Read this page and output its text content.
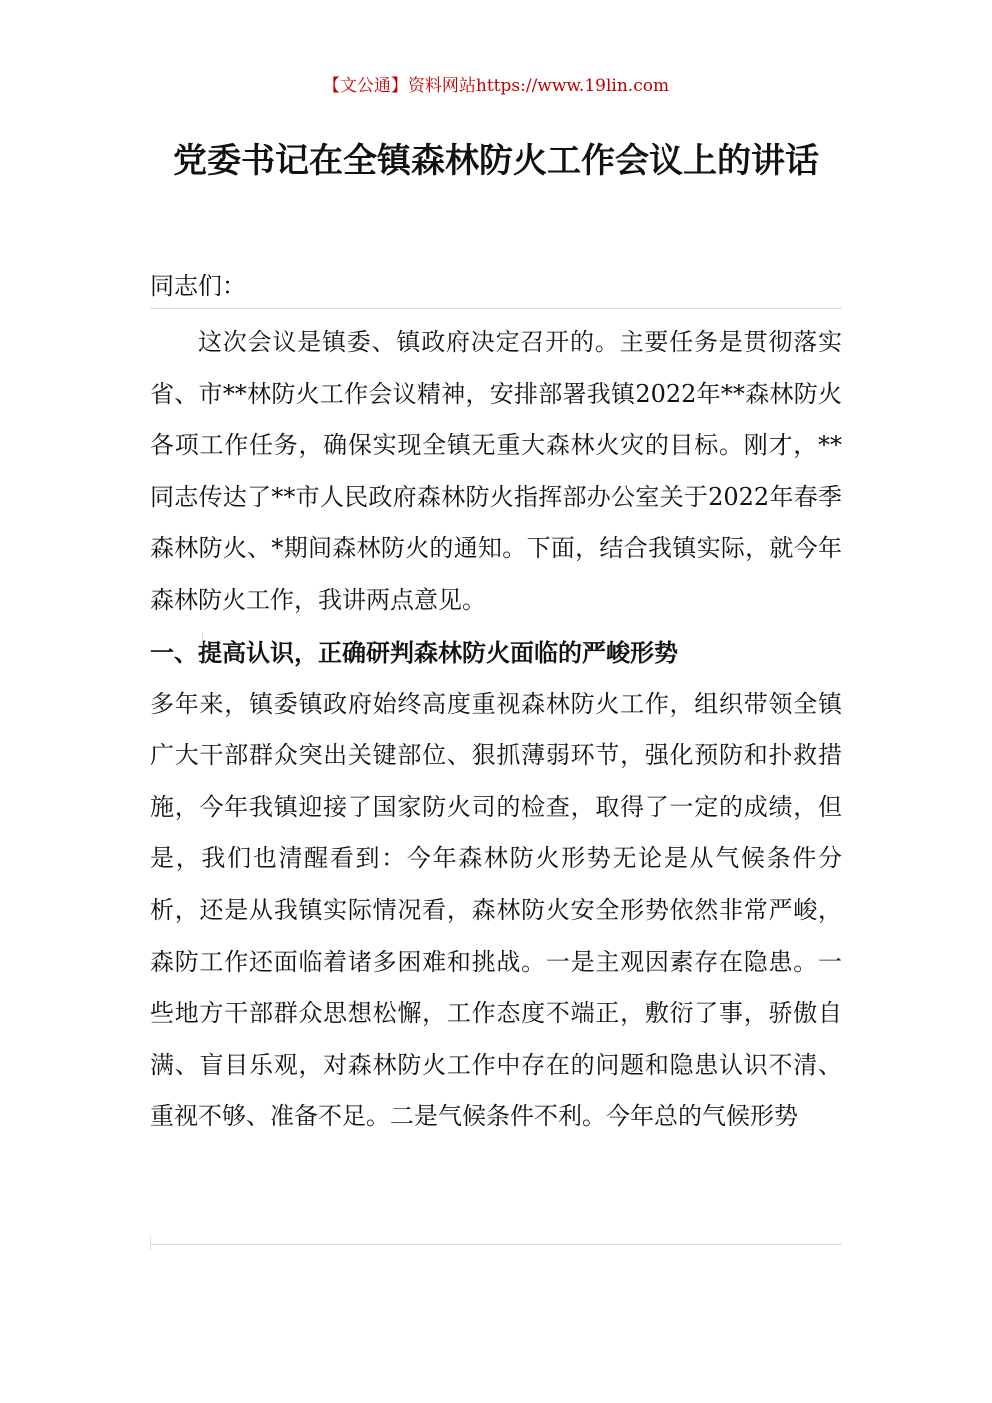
【文公通】资料网站https://www.19lin.com
党委书记在全镇森林防火工作会议上的讲话

同志们：

这次会议是镇委、镇政府决定召开的。主要任务是贯彻落实省、市**林防火工作会议精神，安排部署我镇2022年**森林防火各项工作任务，确保实现全镇无重大森林火灾的目标。刚才，**同志传达了**市人民政府森林防火指挥部办公室关于2022年春季森林防火、*期间森林防火的通知。下面，结合我镇实际，就今年森林防火工作，我讲两点意见。

一、提高认识，正确研判森林防火面临的严峻形势

多年来，镇委镇政府始终高度重视森林防火工作，组织带领全镇广大干部群众突出关键部位、狠抓薄弱环节，强化预防和扑救措施，今年我镇迎接了国家防火司的检查，取得了一定的成绩，但是，我们也清醒看到：今年森林防火形势无论是从气候条件分析，还是从我镇实际情况看，森林防火安全形势依然非常严峻，森防工作还面临着诸多困难和挑战。一是主观因素存在隐患。一些地方干部群众思想松懈，工作态度不端正，敷衍了事，骄傲自满、盲目乐观，对森林防火工作中存在的问题和隐患认识不清、重视不够、准备不足。二是气候条件不利。今年总的气候形势
